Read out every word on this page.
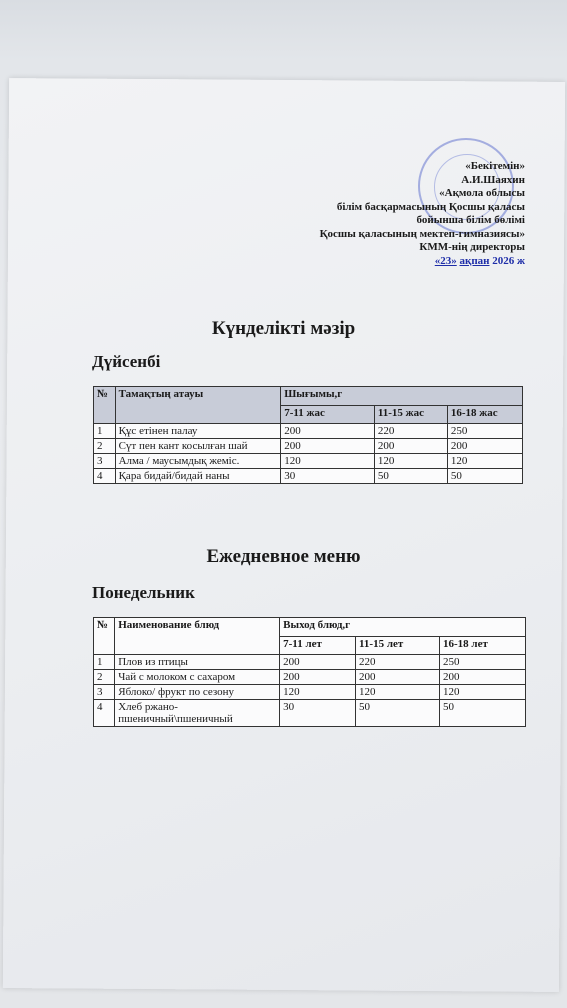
«Бекітемін»
А.И.Шаяхин
«Ақмола облысы
білім басқармасының Қосшы қаласы
бойынша білім бөлімі
Қосшы қаласының мектеп-гимназиясы»
КММ-нің директоры
«23» ақпан 2026 ж
Күнделікті мәзір
Дүйсенбі
№	Тамақтың атауы	Шығымы,г		
		7-11 жас	11-15 жас	16-18 жас
1	Құс етінен палау	200	220	250
2	Сүт пен кант косылған шай	200	200	200
3	Алма / маусымдық жеміс.	120	120	120
4	Қара бидай/бидай наны	30	50	50
Ежедневное меню
Понедельник
№	Наименование блюд	Выход блюд,г		
		7-11 лет	11-15 лет	16-18 лет
1	Плов из птицы	200	220	250
2	Чай с молоком с сахаром	200	200	200
3	Яблоко/ фрукт по сезону	120	120	120
4	Хлеб ржано-пшеничный\пшеничный	30	50	50
